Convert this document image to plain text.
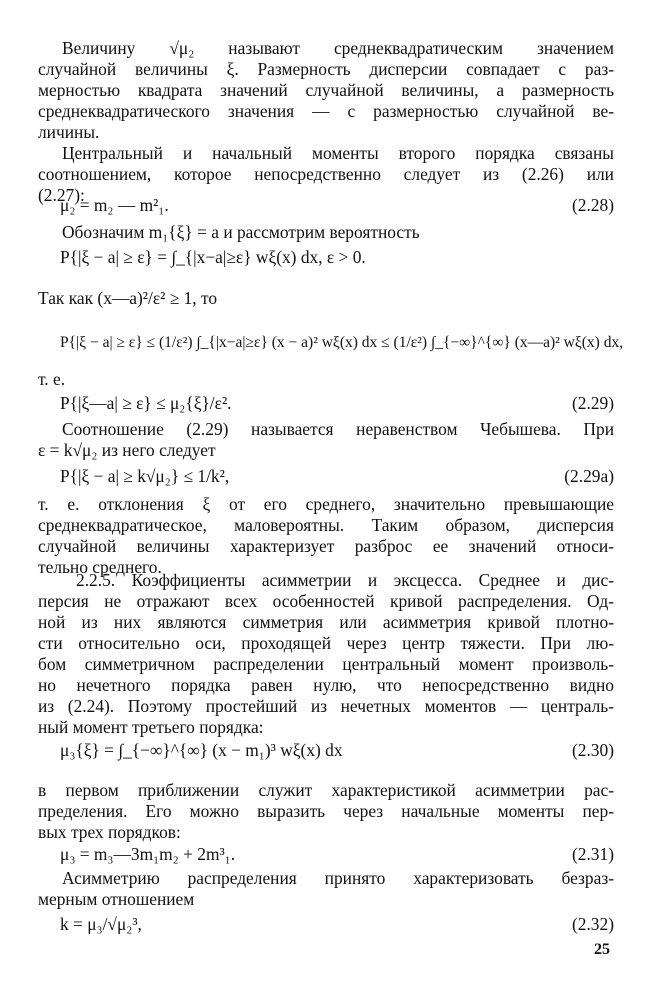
Величину √μ₂ называют среднеквадратическим значением
случайной величины ξ. Размерность дисперсии совпадает с раз-
мерностью квадрата значений случайной величины, а размерность
среднеквадратического значения — с размерностью случайной ве-
личины.
Центральный и начальный моменты второго порядка связаны
соотношением, которое непосредственно следует из (2.26) или
(2.27):
μ₂ = m₂ — m²₁.	(2.28)
Обозначим m₁{ξ} = a и рассмотрим вероятность
P{|ξ − a| ≥ ε} = ∫_{|x−a|≥ε} wξ(x) dx, ε > 0.
Так как (x—a)²/ε² ≥ 1, то
P{|ξ − a| ≥ ε} ≤ (1/ε²) ∫_{|x−a|≥ε} (x − a)² wξ(x) dx ≤ (1/ε²) ∫_{−∞}^{∞} (x—a)² wξ(x) dx,
т. е.
P{|ξ—a| ≥ ε} ≤ μ₂{ξ}/ε².	(2.29)
Соотношение (2.29) называется неравенством Чебышева. При
ε = k√μ₂ из него следует
P{|ξ − a| ≥ k√μ₂} ≤ 1/k²,	(2.29a)
т. е. отклонения ξ от его среднего, значительно превышающие
среднеквадратическое, маловероятны. Таким образом, дисперсия
случайной величины характеризует разброс ее значений относи-
тельно среднего.
2.2.5. Коэффициенты асимметрии и эксцесса. Среднее и дис-
персия не отражают всех особенностей кривой распределения. Од-
ной из них являются симметрия или асимметрия кривой плотно-
сти относительно оси, проходящей через центр тяжести. При лю-
бом симметричном распределении центральный момент произволь-
но нечетного порядка равен нулю, что непосредственно видно
из (2.24). Поэтому простейший из нечетных моментов — централь-
ный момент третьего порядка:
μ₃{ξ} = ∫_{−∞}^{∞} (x − m₁)³ wξ(x) dx	(2.30)
в первом приближении служит характеристикой асимметрии рас-
пределения. Его можно выразить через начальные моменты пер-
вых трех порядков:
μ₃ = m₃—3m₁m₂ + 2m³₁.	(2.31)
Асимметрию распределения принято характеризовать безраз-
мерным отношением
k = μ₃/√μ₂³,	(2.32)
25
